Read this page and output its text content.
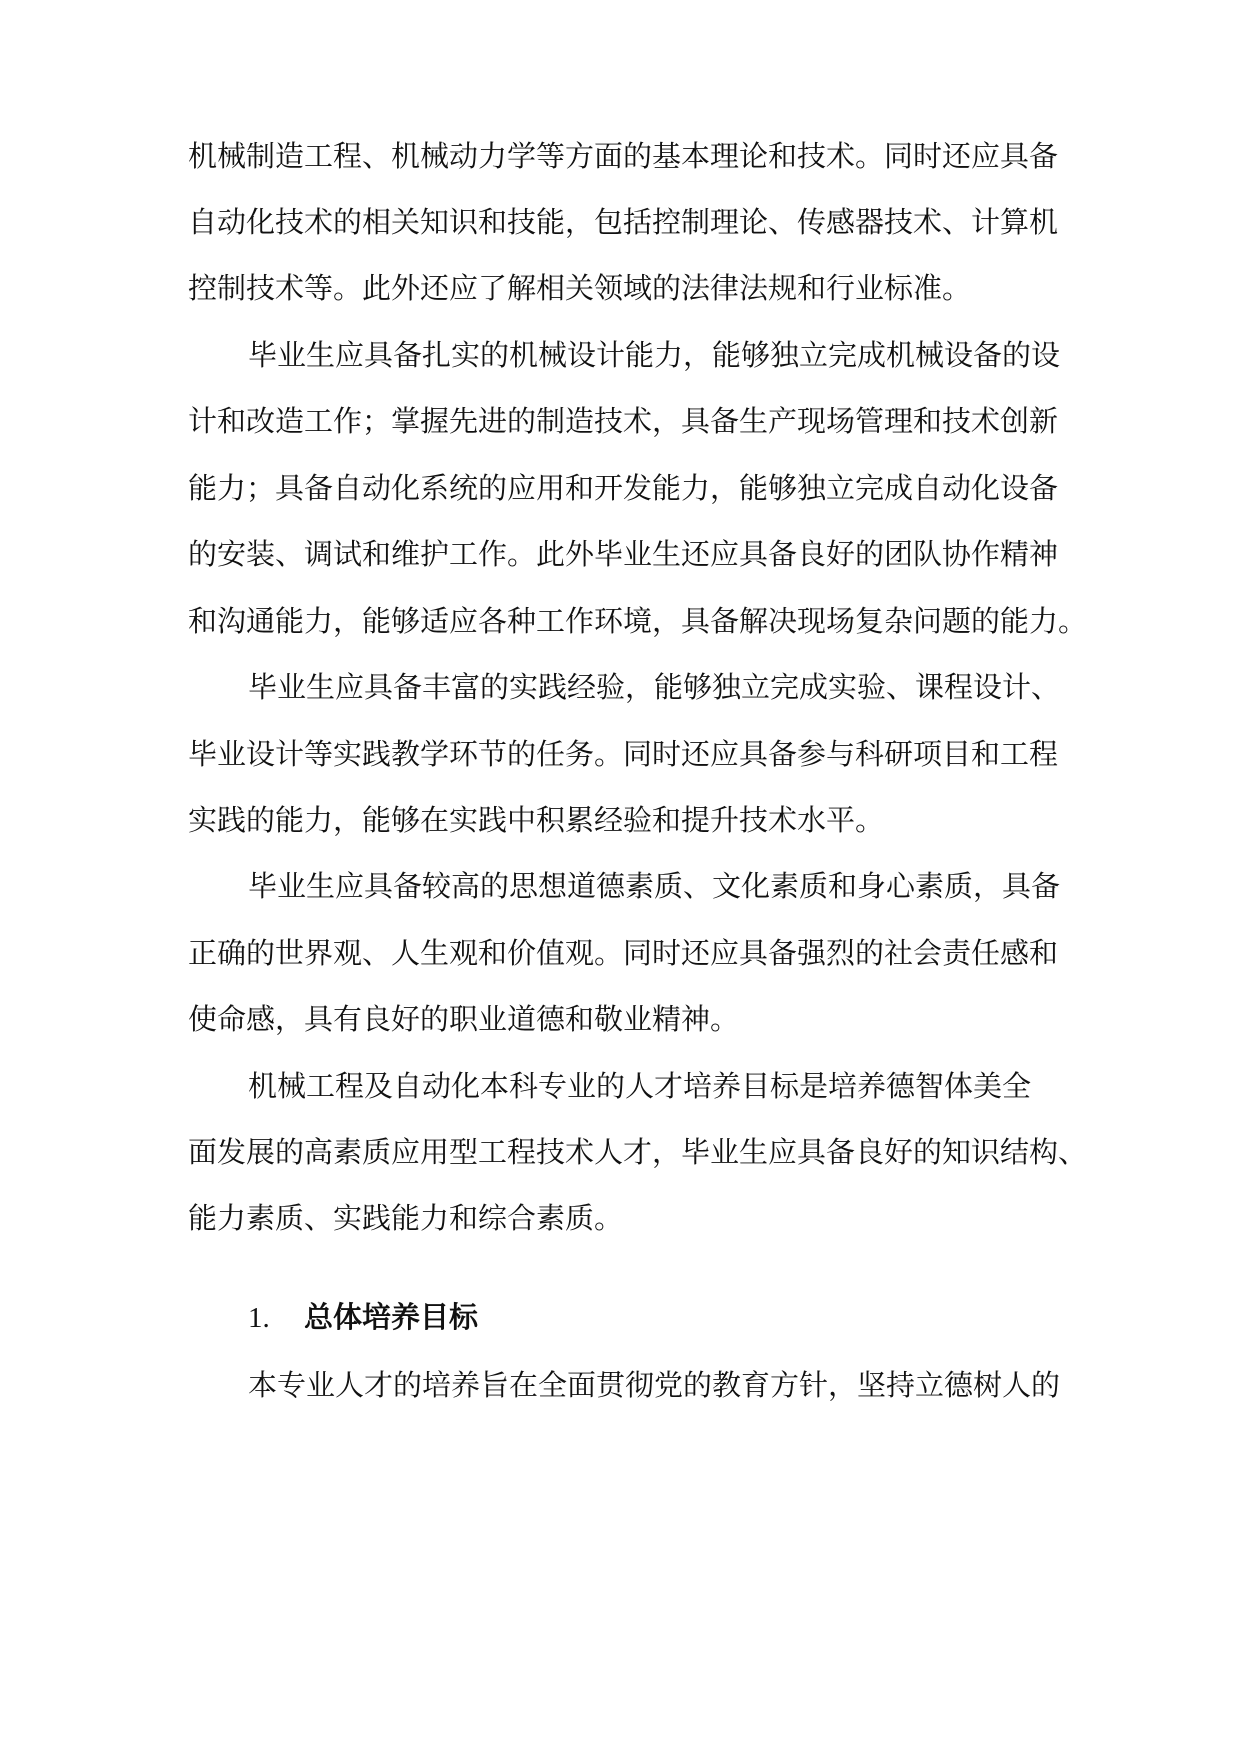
机械制造工程、机械动力学等方面的基本理论和技术。同时还应具备
自动化技术的相关知识和技能，包括控制理论、传感器技术、计算机
控制技术等。此外还应了解相关领域的法律法规和行业标准。
毕业生应具备扎实的机械设计能力，能够独立完成机械设备的设
计和改造工作；掌握先进的制造技术，具备生产现场管理和技术创新
能力；具备自动化系统的应用和开发能力，能够独立完成自动化设备
的安装、调试和维护工作。此外毕业生还应具备良好的团队协作精神
和沟通能力，能够适应各种工作环境，具备解决现场复杂问题的能力。
毕业生应具备丰富的实践经验，能够独立完成实验、课程设计、
毕业设计等实践教学环节的任务。同时还应具备参与科研项目和工程
实践的能力，能够在实践中积累经验和提升技术水平。
毕业生应具备较高的思想道德素质、文化素质和身心素质，具备
正确的世界观、人生观和价值观。同时还应具备强烈的社会责任感和
使命感，具有良好的职业道德和敬业精神。
机械工程及自动化本科专业的人才培养目标是培养德智体美全
面发展的高素质应用型工程技术人才，毕业生应具备良好的知识结构、
能力素质、实践能力和综合素质。
1. 总体培养目标
本专业人才的培养旨在全面贯彻党的教育方针，坚持立德树人的
